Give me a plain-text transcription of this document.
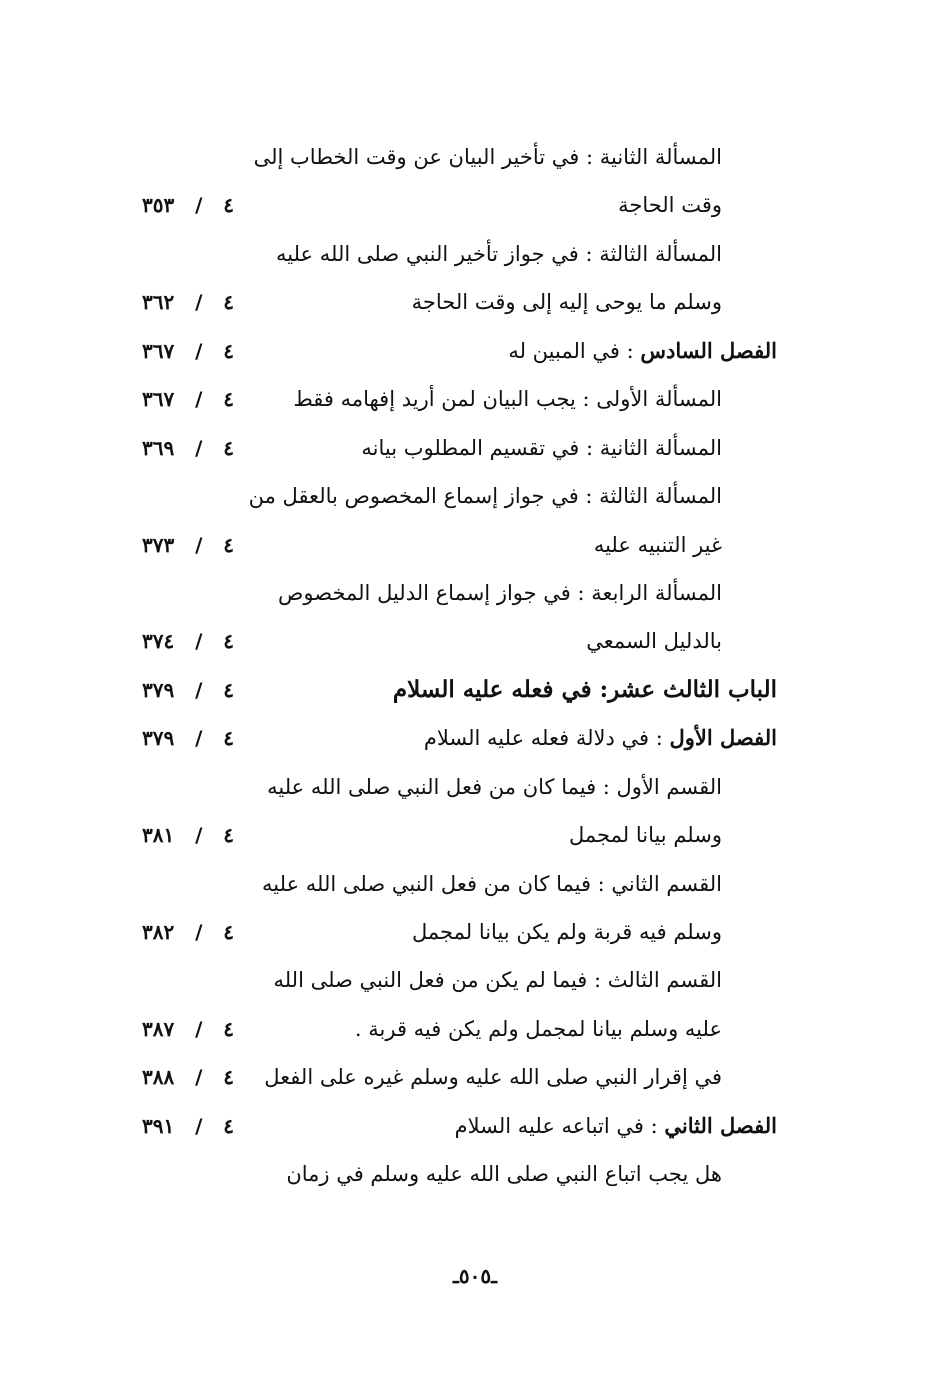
المسألة الثانية : في تأخير البيان عن وقت الخطاب إلى
وقت الحاجة
٣٥٣ / ٤
المسألة الثالثة : في جواز تأخير النبي صلى الله عليه
وسلم ما يوحى إليه إلى وقت الحاجة
٣٦٢ / ٤
الفصل السادس : في المبين له
٣٦٧ / ٤
المسألة الأولى : يجب البيان لمن أريد إفهامه فقط
٣٦٧ / ٤
المسألة الثانية : في تقسيم المطلوب بيانه
٣٦٩ / ٤
المسألة الثالثة : في جواز إسماع المخصوص بالعقل من
غير التنبيه عليه
٣٧٣ / ٤
المسألة الرابعة : في جواز إسماع الدليل المخصوص
بالدليل السمعي
٣٧٤ / ٤
الباب الثالث عشر: في فعله عليه السلام
٣٧٩ / ٤
الفصل الأول : في دلالة فعله عليه السلام
٣٧٩ / ٤
القسم الأول : فيما كان من فعل النبي صلى الله عليه
وسلم بيانا لمجمل
٣٨١ / ٤
القسم الثاني : فيما كان من فعل النبي صلى الله عليه
وسلم فيه قربة ولم يكن بيانا لمجمل
٣٨٢ / ٤
القسم الثالث : فيما لم يكن من فعل النبي صلى الله
عليه وسلم بيانا لمجمل ولم يكن فيه قربة .
٣٨٧ / ٤
في إقرار النبي صلى الله عليه وسلم غيره على الفعل
٣٨٨ / ٤
الفصل الثاني : في اتباعه عليه السلام
٣٩١ / ٤
هل يجب اتباع النبي صلى الله عليه وسلم في زمان
ـ٥٠٥ـ
